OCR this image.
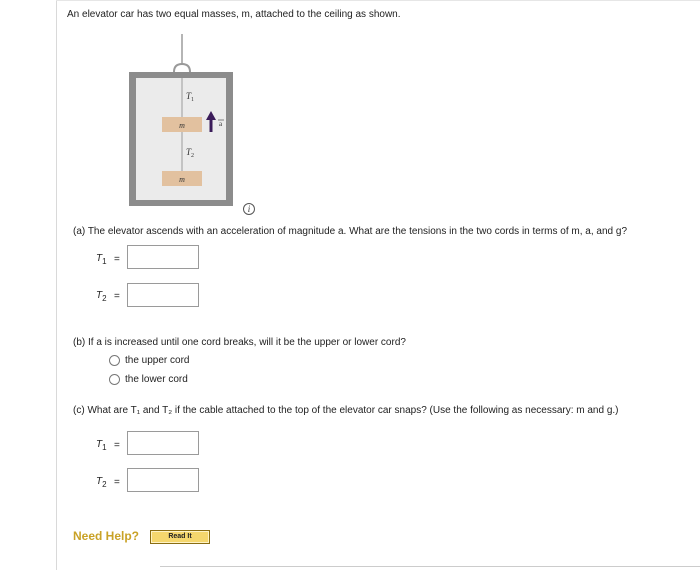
An elevator car has two equal masses, m, attached to the ceiling as shown.
m
m
$T_1$
$T_2$
a
i
(a) The elevator ascends with an acceleration of magnitude a. What are the tensions in the two cords in terms of m, a, and g?
$T_1$ =
$T_2$ =
(b) If a is increased until one cord breaks, will it be the upper or lower cord?
the upper cord
the lower cord
(c) What are T₁ and T₂ if the cable attached to the top of the elevator car snaps? (Use the following as necessary: m and g.)
$T_1$ =
$T_2$ =
Need Help?	Read It
